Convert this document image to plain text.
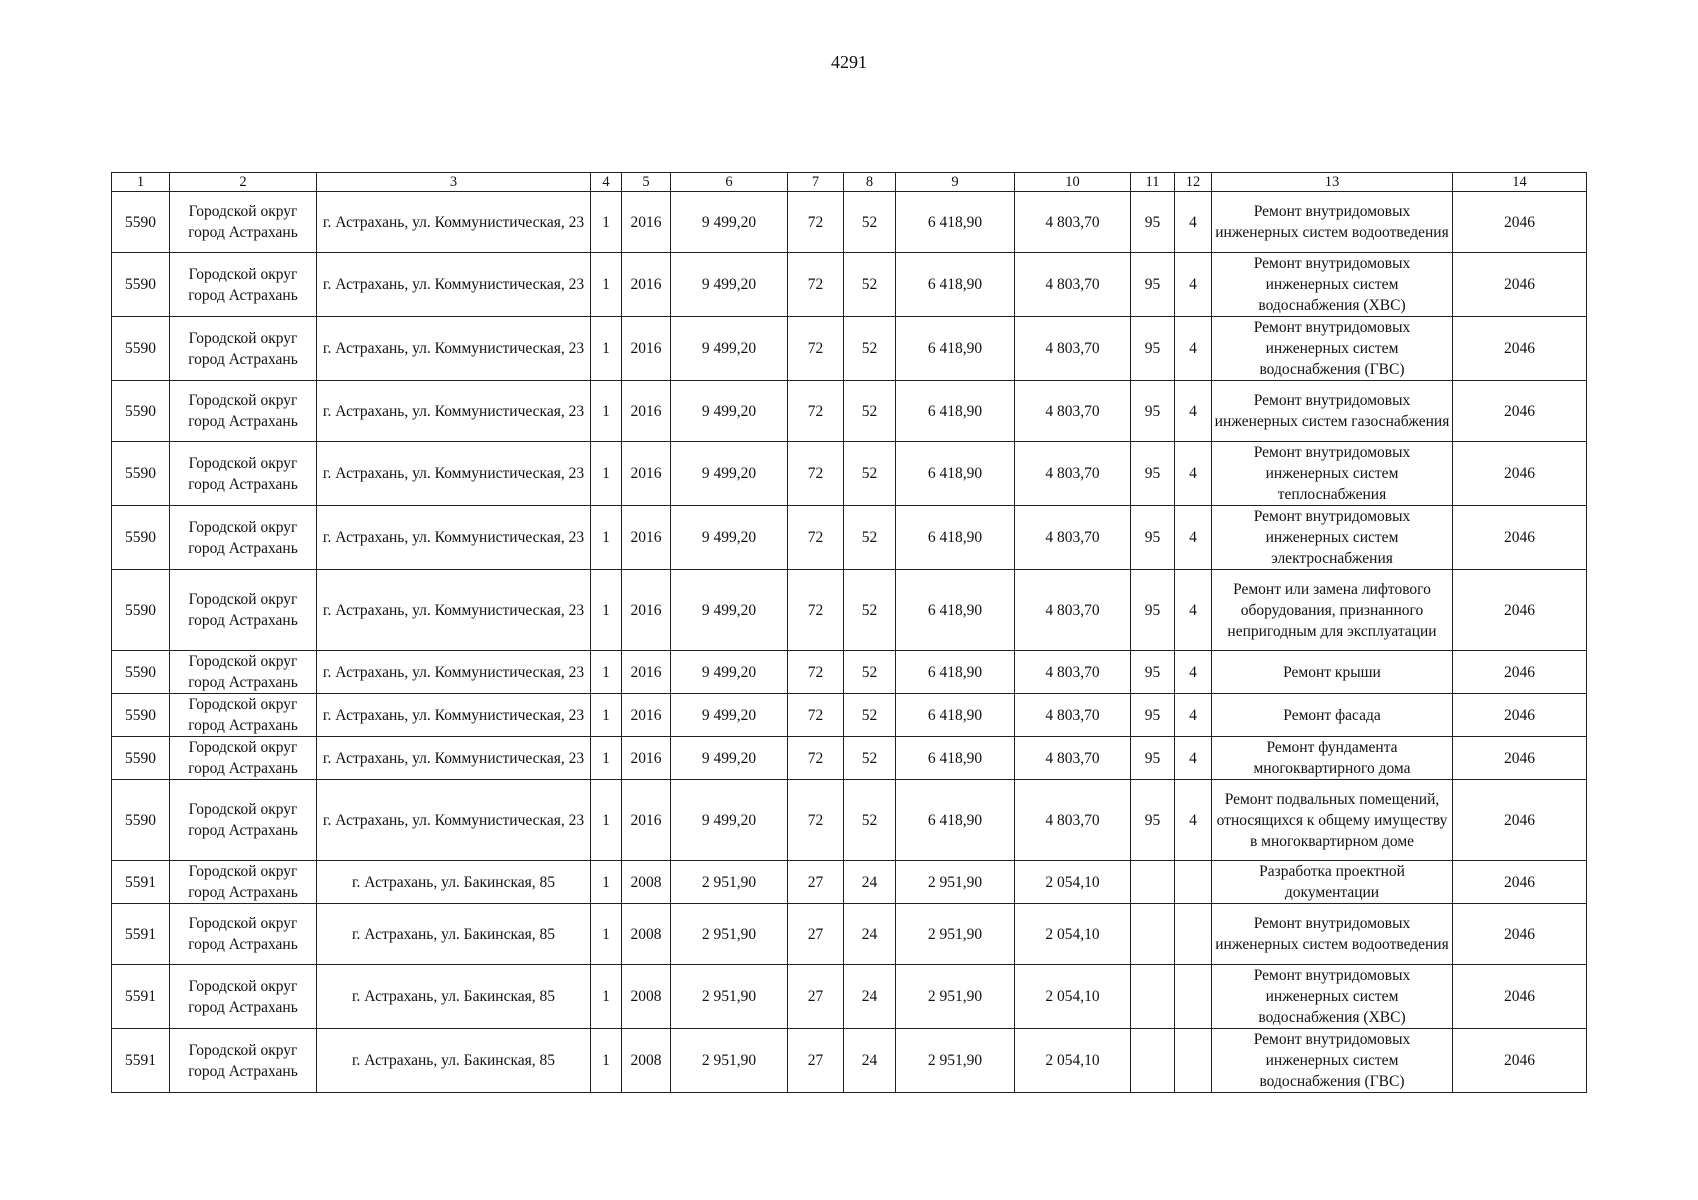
4291
1	2	3	4	5	6	7	8	9	10	11	12	13	14
5590	Городской округ город Астрахань	г. Астрахань, ул. Коммунистическая, 23	1	2016	9 499,20	72	52	6 418,90	4 803,70	95	4	Ремонт внутридомовых инженерных систем водоотведения	2046
5590	Городской округ город Астрахань	г. Астрахань, ул. Коммунистическая, 23	1	2016	9 499,20	72	52	6 418,90	4 803,70	95	4	Ремонт внутридомовых инженерных систем водоснабжения (ХВС)	2046
5590	Городской округ город Астрахань	г. Астрахань, ул. Коммунистическая, 23	1	2016	9 499,20	72	52	6 418,90	4 803,70	95	4	Ремонт внутридомовых инженерных систем водоснабжения (ГВС)	2046
5590	Городской округ город Астрахань	г. Астрахань, ул. Коммунистическая, 23	1	2016	9 499,20	72	52	6 418,90	4 803,70	95	4	Ремонт внутридомовых инженерных систем газоснабжения	2046
5590	Городской округ город Астрахань	г. Астрахань, ул. Коммунистическая, 23	1	2016	9 499,20	72	52	6 418,90	4 803,70	95	4	Ремонт внутридомовых инженерных систем теплоснабжения	2046
5590	Городской округ город Астрахань	г. Астрахань, ул. Коммунистическая, 23	1	2016	9 499,20	72	52	6 418,90	4 803,70	95	4	Ремонт внутридомовых инженерных систем электроснабжения	2046
5590	Городской округ город Астрахань	г. Астрахань, ул. Коммунистическая, 23	1	2016	9 499,20	72	52	6 418,90	4 803,70	95	4	Ремонт или замена лифтового оборудования, признанного непригодным для эксплуатации	2046
5590	Городской округ город Астрахань	г. Астрахань, ул. Коммунистическая, 23	1	2016	9 499,20	72	52	6 418,90	4 803,70	95	4	Ремонт крыши	2046
5590	Городской округ город Астрахань	г. Астрахань, ул. Коммунистическая, 23	1	2016	9 499,20	72	52	6 418,90	4 803,70	95	4	Ремонт фасада	2046
5590	Городской округ город Астрахань	г. Астрахань, ул. Коммунистическая, 23	1	2016	9 499,20	72	52	6 418,90	4 803,70	95	4	Ремонт фундамента многоквартирного дома	2046
5590	Городской округ город Астрахань	г. Астрахань, ул. Коммунистическая, 23	1	2016	9 499,20	72	52	6 418,90	4 803,70	95	4	Ремонт подвальных помещений, относящихся к общему имуществу в многоквартирном доме	2046
5591	Городской округ город Астрахань	г. Астрахань, ул. Бакинская, 85	1	2008	2 951,90	27	24	2 951,90	2 054,10			Разработка проектной документации	2046
5591	Городской округ город Астрахань	г. Астрахань, ул. Бакинская, 85	1	2008	2 951,90	27	24	2 951,90	2 054,10			Ремонт внутридомовых инженерных систем водоотведения	2046
5591	Городской округ город Астрахань	г. Астрахань, ул. Бакинская, 85	1	2008	2 951,90	27	24	2 951,90	2 054,10			Ремонт внутридомовых инженерных систем водоснабжения (ХВС)	2046
5591	Городской округ город Астрахань	г. Астрахань, ул. Бакинская, 85	1	2008	2 951,90	27	24	2 951,90	2 054,10			Ремонт внутридомовых инженерных систем водоснабжения (ГВС)	2046
